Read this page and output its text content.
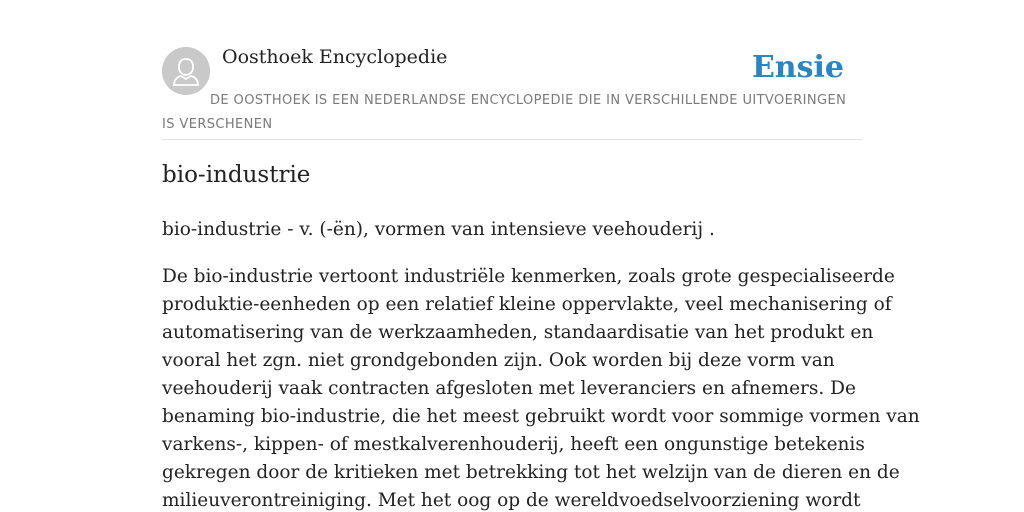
Oosthoek Encyclopedie	Ensie
DE OOSTHOEK IS EEN NEDERLANDSE ENCYCLOPEDIE DIE IN VERSCHILLENDE UITVOERINGEN IS VERSCHENEN
bio-industrie

bio-industrie - v. (-ën), vormen van intensieve veehouderij .

De bio-industrie vertoont industriële kenmerken, zoals grote gespecialiseerde
produktie-eenheden op een relatief kleine oppervlakte, veel mechanisering of
automatisering van de werkzaamheden, standaardisatie van het produkt en
vooral het zgn. niet grondgebonden zijn. Ook worden bij deze vorm van
veehouderij vaak contracten afgesloten met leveranciers en afnemers. De
benaming bio-industrie, die het meest gebruikt wordt voor sommige vormen van
varkens-, kippen- of mestkalverenhouderij, heeft een ongunstige betekenis
gekregen door de kritieken met betrekking tot het welzijn van de dieren en de
milieuverontreiniging. Met het oog op de wereldvoedselvoorziening wordt
